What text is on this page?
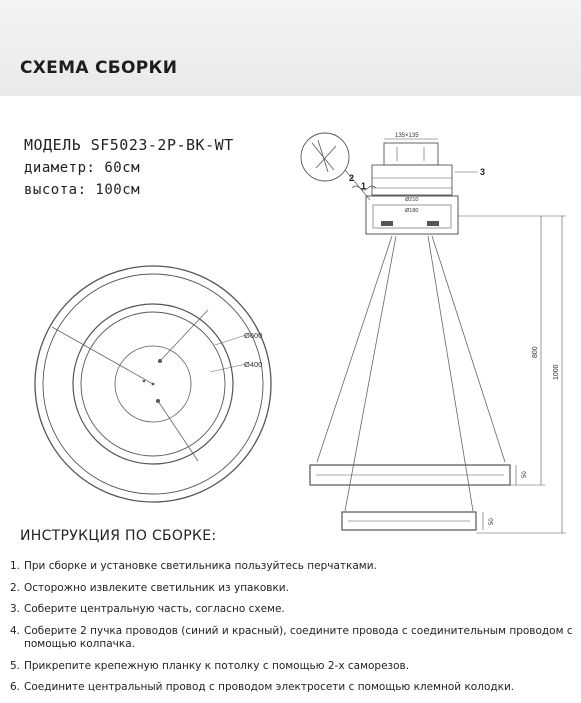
СХЕМА СБОРКИ
МОДЕЛЬ SF5023-2P-BK-WT
диаметр: 60см
высота: 100см
Ø600
Ø400
135×135
Ø210
Ø180
800
1000
50
50
2
1
3
ИНСТРУКЦИЯ ПО СБОРКЕ:
1. При сборке и установке светильника пользуйтесь перчатками.
2. Осторожно извлеките светильник из упаковки.
3. Соберите центральную часть, согласно схеме.
4. Соберите 2 пучка проводов (синий и красный), соедините провода с соединительным проводом с помощью колпачка.
5. Прикрепите крепежную планку к потолку с помощью 2-х саморезов.
6. Соедините центральный провод с проводом электросети с помощью клемной колодки.
